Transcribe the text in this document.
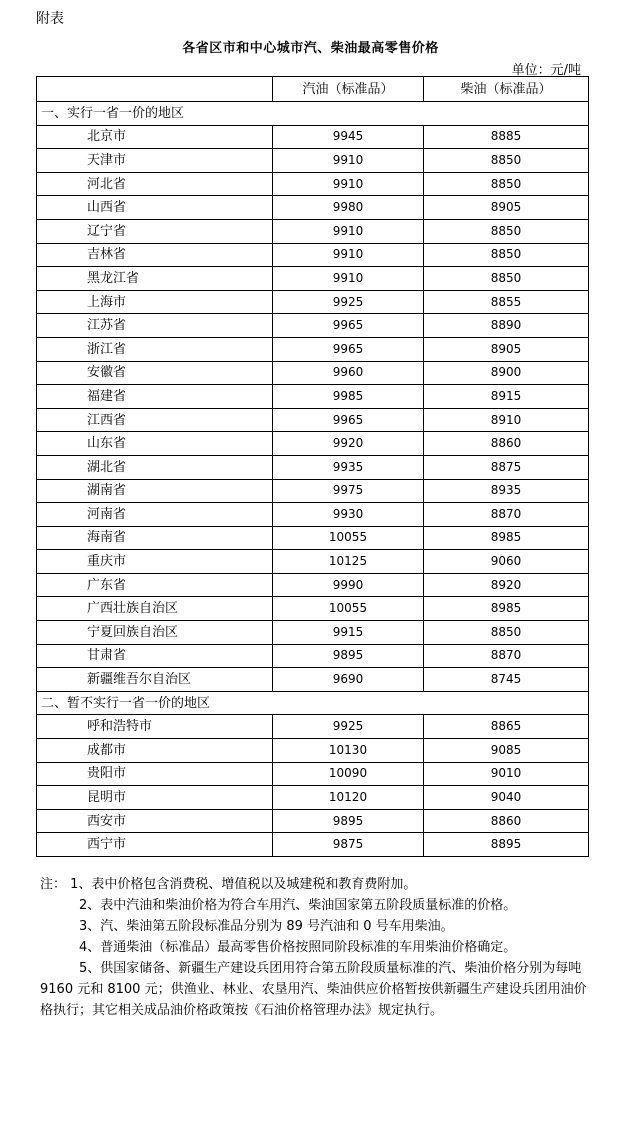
附表
各省区市和中心城市汽、柴油最高零售价格
单位：元/吨
	汽油（标准品）	柴油（标准品）
一、实行一省一价的地区		
北京市	9945	8885
天津市	9910	8850
河北省	9910	8850
山西省	9980	8905
辽宁省	9910	8850
吉林省	9910	8850
黑龙江省	9910	8850
上海市	9925	8855
江苏省	9965	8890
浙江省	9965	8905
安徽省	9960	8900
福建省	9985	8915
江西省	9965	8910
山东省	9920	8860
湖北省	9935	8875
湖南省	9975	8935
河南省	9930	8870
海南省	10055	8985
重庆市	10125	9060
广东省	9990	8920
广西壮族自治区	10055	8985
宁夏回族自治区	9915	8850
甘肃省	9895	8870
新疆维吾尔自治区	9690	8745
二、暂不实行一省一价的地区		
呼和浩特市	9925	8865
成都市	10130	9085
贵阳市	10090	9010
昆明市	10120	9040
西安市	9895	8860
西宁市	9875	8895

注： 1、表中价格包含消费税、增值税以及城建税和教育费附加。

2、表中汽油和柴油价格为符合车用汽、柴油国家第五阶段质量标准的价格。

3、汽、柴油第五阶段标准品分别为 89 号汽油和 0 号车用柴油。

4、普通柴油（标准品）最高零售价格按照同阶段标准的车用柴油价格确定。

5、供国家储备、新疆生产建设兵团用符合第五阶段质量标准的汽、柴油价格分别为每吨 9160 元和 8100 元；供渔业、林业、农垦用汽、柴油供应价格暂按供新疆生产建设兵团用油价格执行；其它相关成品油价格政策按《石油价格管理办法》规定执行。
